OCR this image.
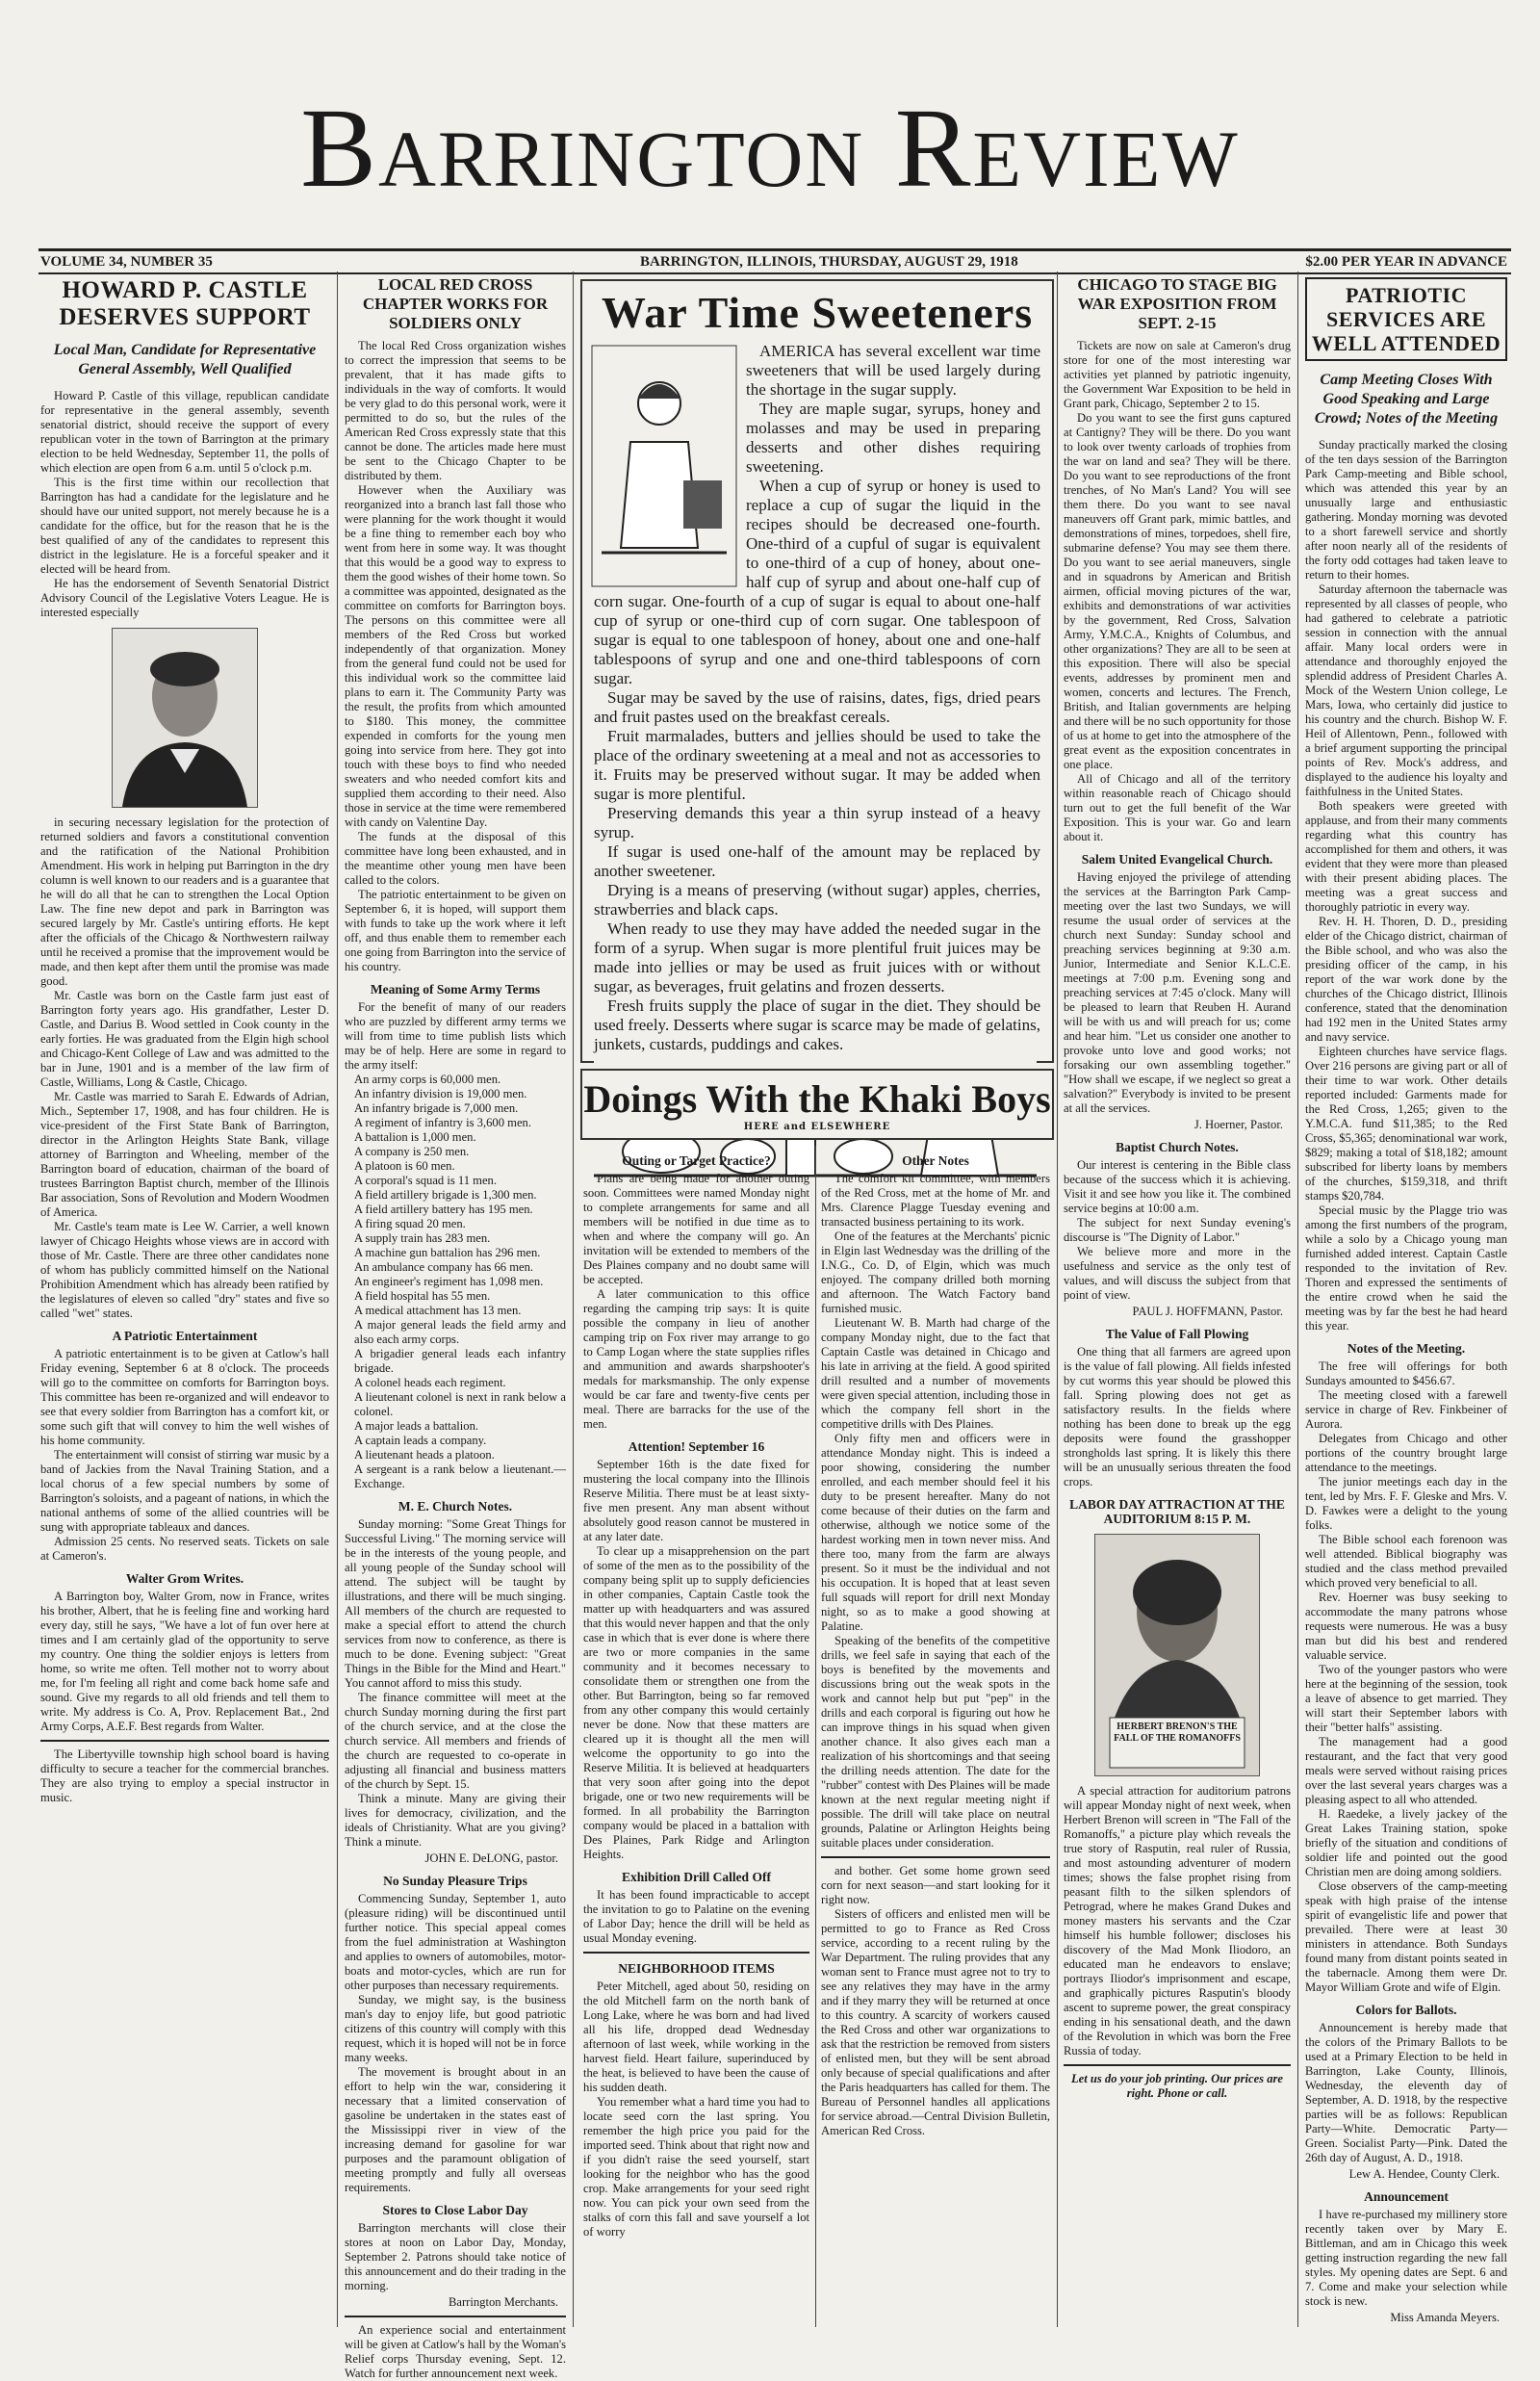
Barrington Review
VOLUME 34, NUMBER 35	BARRINGTON, ILLINOIS, THURSDAY, AUGUST 29, 1918	$2.00 PER YEAR IN ADVANCE
HOWARD P. CASTLE DESERVES SUPPORT
Local Man, Candidate for Representative General Assembly, Well Qualified

Howard P. Castle of this village, republican candidate for representative in the general assembly, seventh senatorial district, should receive the support of every republican voter in the town of Barrington at the primary election to be held Wednesday, September 11, the polls of which election are open from 6 a.m. until 5 o'clock p.m.

This is the first time within our recollection that Barrington has had a candidate for the legislature and he should have our united support, not merely because he is a candidate for the office, but for the reason that he is the best qualified of any of the candidates to represent this district in the legislature. He is a forceful speaker and it elected will be heard from.

He has the endorsement of Seventh Senatorial District Advisory Council of the Legislative Voters League. He is interested especially

in securing necessary legislation for the protection of returned soldiers and favors a constitutional convention and the ratification of the National Prohibition Amendment. His work in helping put Barrington in the dry column is well known to our readers and is a guarantee that he will do all that he can to strengthen the Local Option Law. The fine new depot and park in Barrington was secured largely by Mr. Castle's untiring efforts. He kept after the officials of the Chicago & Northwestern railway until he received a promise that the improvement would be made, and then kept after them until the promise was made good.

Mr. Castle was born on the Castle farm just east of Barrington forty years ago. His grandfather, Lester D. Castle, and Darius B. Wood settled in Cook county in the early forties. He was graduated from the Elgin high school and Chicago-Kent College of Law and was admitted to the bar in June, 1901 and is a member of the law firm of Castle, Williams, Long & Castle, Chicago.

Mr. Castle was married to Sarah E. Edwards of Adrian, Mich., September 17, 1908, and has four children. He is vice-president of the First State Bank of Barrington, director in the Arlington Heights State Bank, village attorney of Barrington and Wheeling, member of the Barrington board of education, chairman of the board of trustees Barrington Baptist church, member of the Illinois Bar association, Sons of Revolution and Modern Woodmen of America.

Mr. Castle's team mate is Lee W. Carrier, a well known lawyer of Chicago Heights whose views are in accord with those of Mr. Castle. There are three other candidates none of whom has publicly committed himself on the National Prohibition Amendment which has already been ratified by the legislatures of eleven so called "dry" states and five so called "wet" states.

A Patriotic Entertainment

A patriotic entertainment is to be given at Catlow's hall Friday evening, September 6 at 8 o'clock. The proceeds will go to the committee on comforts for Barrington boys. This committee has been re-organized and will endeavor to see that every soldier from Barrington has a comfort kit, or some such gift that will convey to him the well wishes of his home community.

The entertainment will consist of stirring war music by a band of Jackies from the Naval Training Station, and a local chorus of a few special numbers by some of Barrington's soloists, and a pageant of nations, in which the national anthems of some of the allied countries will be sung with appropriate tableaux and dances.

Admission 25 cents. No reserved seats. Tickets on sale at Cameron's.

Walter Grom Writes.

A Barrington boy, Walter Grom, now in France, writes his brother, Albert, that he is feeling fine and working hard every day, still he says, "We have a lot of fun over here at times and I am certainly glad of the opportunity to serve my country. One thing the soldier enjoys is letters from home, so write me often. Tell mother not to worry about me, for I'm feeling all right and come back home safe and sound. Give my regards to all old friends and tell them to write. My address is Co. A, Prov. Replacement Bat., 2nd Army Corps, A.E.F. Best regards from Walter.

The Libertyville township high school board is having difficulty to secure a teacher for the commercial branches. They are also trying to employ a special instructor in music.

LOCAL RED CROSS CHAPTER WORKS FOR SOLDIERS ONLY

The local Red Cross organization wishes to correct the impression that seems to be prevalent, that it has made gifts to individuals in the way of comforts. It would be very glad to do this personal work, were it permitted to do so, but the rules of the American Red Cross expressly state that this cannot be done. The articles made here must be sent to the Chicago Chapter to be distributed by them.

However when the Auxiliary was reorganized into a branch last fall those who were planning for the work thought it would be a fine thing to remember each boy who went from here in some way. It was thought that this would be a good way to express to them the good wishes of their home town. So a committee was appointed, designated as the committee on comforts for Barrington boys. The persons on this committee were all members of the Red Cross but worked independently of that organization. Money from the general fund could not be used for this individual work so the committee laid plans to earn it. The Community Party was the result, the profits from which amounted to $180. This money, the committee expended in comforts for the young men going into service from here. They got into touch with these boys to find who needed sweaters and who needed comfort kits and supplied them according to their need. Also those in service at the time were remembered with candy on Valentine Day.

The funds at the disposal of this committee have long been exhausted, and in the meantime other young men have been called to the colors.

The patriotic entertainment to be given on September 6, it is hoped, will support them with funds to take up the work where it left off, and thus enable them to remember each one going from Barrington into the service of his country.

Meaning of Some Army Terms

For the benefit of many of our readers who are puzzled by different army terms we will from time to time publish lists which may be of help. Here are some in regard to the army itself:

An army corps is 60,000 men.
An infantry division is 19,000 men.
An infantry brigade is 7,000 men.
A regiment of infantry is 3,600 men.
A battalion is 1,000 men.
A company is 250 men.
A platoon is 60 men.
A corporal's squad is 11 men.
A field artillery brigade is 1,300 men.
A field artillery battery has 195 men.
A firing squad 20 men.
A supply train has 283 men.
A machine gun battalion has 296 men.
An ambulance company has 66 men.
An engineer's regiment has 1,098 men.
A field hospital has 55 men.
A medical attachment has 13 men.
A major general leads the field army and also each army corps.
A brigadier general leads each infantry brigade.
A colonel heads each regiment.
A lieutenant colonel is next in rank below a colonel.
A major leads a battalion.
A captain leads a company.
A lieutenant heads a platoon.
A sergeant is a rank below a lieutenant.—Exchange.
M. E. Church Notes.

Sunday morning: "Some Great Things for Successful Living." The morning service will be in the interests of the young people, and all young people of the Sunday school will attend. The subject will be taught by illustrations, and there will be much singing. All members of the church are requested to make a special effort to attend the church services from now to conference, as there is much to be done. Evening subject: "Great Things in the Bible for the Mind and Heart." You cannot afford to miss this study.

The finance committee will meet at the church Sunday morning during the first part of the church service, and at the close the church service. All members and friends of the church are requested to co-operate in adjusting all financial and business matters of the church by Sept. 15.

Think a minute. Many are giving their lives for democracy, civilization, and the ideals of Christianity. What are you giving? Think a minute.

JOHN E. DeLONG, pastor.
No Sunday Pleasure Trips

Commencing Sunday, September 1, auto (pleasure riding) will be discontinued until further notice. This special appeal comes from the fuel administration at Washington and applies to owners of automobiles, motor-boats and motor-cycles, which are run for other purposes than necessary requirements.

Sunday, we might say, is the business man's day to enjoy life, but good patriotic citizens of this country will comply with this request, which it is hoped will not be in force many weeks.

The movement is brought about in an effort to help win the war, considering it necessary that a limited conservation of gasoline be undertaken in the states east of the Mississippi river in view of the increasing demand for gasoline for war purposes and the paramount obligation of meeting promptly and fully all overseas requirements.

Stores to Close Labor Day

Barrington merchants will close their stores at noon on Labor Day, Monday, September 2. Patrons should take notice of this announcement and do their trading in the morning.

Barrington Merchants.

An experience social and entertainment will be given at Catlow's hall by the Woman's Relief corps Thursday evening, Sept. 12. Watch for further announcement next week.

War Time Sweeteners

AMERICA has several excellent war time sweeteners that will be used largely during the shortage in the sugar supply.

They are maple sugar, syrups, honey and molasses and may be used in preparing desserts and other dishes requiring sweetening.

When a cup of syrup or honey is used to replace a cup of sugar the liquid in the recipes should be decreased one-fourth. One-third of a cupful of sugar is equivalent to one-third of a cup of honey, about one-half cup of syrup and about one-half cup of corn sugar. One-fourth of a cup of sugar is equal to about one-half cup of syrup or one-third cup of corn sugar. One tablespoon of sugar is equal to one tablespoon of honey, about one and one-half tablespoons of syrup and one and one-third tablespoons of corn sugar.

Sugar may be saved by the use of raisins, dates, figs, dried pears and fruit pastes used on the breakfast cereals.

Fruit marmalades, butters and jellies should be used to take the place of the ordinary sweetening at a meal and not as accessories to it. Fruits may be preserved without sugar. It may be added when sugar is more plentiful.

Preserving demands this year a thin syrup instead of a heavy syrup.

If sugar is used one-half of the amount may be replaced by another sweetener.

Drying is a means of preserving (without sugar) apples, cherries, strawberries and black caps.

When ready to use they may have added the needed sugar in the form of a syrup. When sugar is more plentiful fruit juices may be made into jellies or may be used as fruit juices with or without sugar, as beverages, fruit gelatins and frozen desserts.

Fresh fruits supply the place of sugar in the diet. They should be used freely. Desserts where sugar is scarce may be made of gelatins, junkets, custards, puddings and cakes.

Doings With the Khaki Boys
HERE and ELSEWHERE
Outing or Target Practice?

Plans are being made for another outing soon. Committees were named Monday night to complete arrangements for same and all members will be notified in due time as to when and where the company will go. An invitation will be extended to members of the Des Plaines company and no doubt same will be accepted.

A later communication to this office regarding the camping trip says: It is quite possible the company in lieu of another camping trip on Fox river may arrange to go to Camp Logan where the state supplies rifles and ammunition and awards sharpshooter's medals for marksmanship. The only expense would be car fare and twenty-five cents per meal. There are barracks for the use of the men.

Attention! September 16

September 16th is the date fixed for mustering the local company into the Illinois Reserve Militia. There must be at least sixty-five men present. Any man absent without absolutely good reason cannot be mustered in at any later date.

To clear up a misapprehension on the part of some of the men as to the possibility of the company being split up to supply deficiencies in other companies, Captain Castle took the matter up with headquarters and was assured that this would never happen and that the only case in which that is ever done is where there are two or more companies in the same community and it becomes necessary to consolidate them or strengthen one from the other. But Barrington, being so far removed from any other company this would certainly never be done. Now that these matters are cleared up it is thought all the men will welcome the opportunity to go into the Reserve Militia. It is believed at headquarters that very soon after going into the depot brigade, one or two new requirements will be formed. In all probability the Barrington company would be placed in a battalion with Des Plaines, Park Ridge and Arlington Heights.

Exhibition Drill Called Off

It has been found impracticable to accept the invitation to go to Palatine on the evening of Labor Day; hence the drill will be held as usual Monday evening.

NEIGHBORHOOD ITEMS

Peter Mitchell, aged about 50, residing on the old Mitchell farm on the north bank of Long Lake, where he was born and had lived all his life, dropped dead Wednesday afternoon of last week, while working in the harvest field. Heart failure, superinduced by the heat, is believed to have been the cause of his sudden death.

You remember what a hard time you had to locate seed corn the last spring. You remember the high price you paid for the imported seed. Think about that right now and if you didn't raise the seed yourself, start looking for the neighbor who has the good crop. Make arrangements for your seed right now. You can pick your own seed from the stalks of corn this fall and save yourself a lot of worry

Other Notes

The comfort kit committee, with members of the Red Cross, met at the home of Mr. and Mrs. Clarence Plagge Tuesday evening and transacted business pertaining to its work.

One of the features at the Merchants' picnic in Elgin last Wednesday was the drilling of the I.N.G., Co. D, of Elgin, which was much enjoyed. The company drilled both morning and afternoon. The Watch Factory band furnished music.

Lieutenant W. B. Marth had charge of the company Monday night, due to the fact that Captain Castle was detained in Chicago and his late in arriving at the field. A good spirited drill resulted and a number of movements were given special attention, including those in which the company fell short in the competitive drills with Des Plaines.

Only fifty men and officers were in attendance Monday night. This is indeed a poor showing, considering the number enrolled, and each member should feel it his duty to be present hereafter. Many do not come because of their duties on the farm and otherwise, although we notice some of the hardest working men in town never miss. And there too, many from the farm are always present. So it must be the individual and not his occupation. It is hoped that at least seven full squads will report for drill next Monday night, so as to make a good showing at Palatine.

Speaking of the benefits of the competitive drills, we feel safe in saying that each of the boys is benefited by the movements and discussions bring out the weak spots in the work and cannot help but put "pep" in the drills and each corporal is figuring out how he can improve things in his squad when given another chance. It also gives each man a realization of his shortcomings and that seeing the drilling needs attention. The date for the "rubber" contest with Des Plaines will be made known at the next regular meeting night if possible. The drill will take place on neutral grounds, Palatine or Arlington Heights being suitable places under consideration.

and bother. Get some home grown seed corn for next season—and start looking for it right now.

Sisters of officers and enlisted men will be permitted to go to France as Red Cross service, according to a recent ruling by the War Department. The ruling provides that any woman sent to France must agree not to try to see any relatives they may have in the army and if they marry they will be returned at once to this country. A scarcity of workers caused the Red Cross and other war organizations to ask that the restriction be removed from sisters of enlisted men, but they will be sent abroad only because of special qualifications and after the Paris headquarters has called for them. The Bureau of Personnel handles all applications for service abroad.—Central Division Bulletin, American Red Cross.

CHICAGO TO STAGE BIG WAR EXPOSITION FROM SEPT. 2-15

Tickets are now on sale at Cameron's drug store for one of the most interesting war activities yet planned by patriotic ingenuity, the Government War Exposition to be held in Grant park, Chicago, September 2 to 15.

Do you want to see the first guns captured at Cantigny? They will be there. Do you want to look over twenty carloads of trophies from the war on land and sea? They will be there. Do you want to see reproductions of the front trenches, of No Man's Land? You will see them there. Do you want to see naval maneuvers off Grant park, mimic battles, and demonstrations of mines, torpedoes, shell fire, submarine defense? You may see them there. Do you want to see aerial maneuvers, single and in squadrons by American and British airmen, official moving pictures of the war, exhibits and demonstrations of war activities by the government, Red Cross, Salvation Army, Y.M.C.A., Knights of Columbus, and other organizations? They are all to be seen at this exposition. There will also be special events, addresses by prominent men and women, concerts and lectures. The French, British, and Italian governments are helping and there will be no such opportunity for those of us at home to get into the atmosphere of the great event as the exposition concentrates in one place.

All of Chicago and all of the territory within reasonable reach of Chicago should turn out to get the full benefit of the War Exposition. This is your war. Go and learn about it.

Salem United Evangelical Church.

Having enjoyed the privilege of attending the services at the Barrington Park Camp-meeting over the last two Sundays, we will resume the usual order of services at the church next Sunday: Sunday school and preaching services beginning at 9:30 a.m. Junior, Intermediate and Senior K.L.C.E. meetings at 7:00 p.m. Evening song and preaching services at 7:45 o'clock. Many will be pleased to learn that Reuben H. Aurand will be with us and will preach for us; come and hear him. "Let us consider one another to provoke unto love and good works; not forsaking our own assembling together." "How shall we escape, if we neglect so great a salvation?" Everybody is invited to be present at all the services.

J. Hoerner, Pastor.
Baptist Church Notes.

Our interest is centering in the Bible class because of the success which it is achieving. Visit it and see how you like it. The combined service begins at 10:00 a.m.

The subject for next Sunday evening's discourse is "The Dignity of Labor."

We believe more and more in the usefulness and service as the only test of values, and will discuss the subject from that point of view.

PAUL J. HOFFMANN, Pastor.
The Value of Fall Plowing

One thing that all farmers are agreed upon is the value of fall plowing. All fields infested by cut worms this year should be plowed this fall. Spring plowing does not get as satisfactory results. In the fields where nothing has been done to break up the egg deposits were found the grasshopper strongholds last spring. It is likely this there will be an unusually serious threaten the food crops.

LABOR DAY ATTRACTION AT THE AUDITORIUM 8:15 P. M.
HERBERT BRENON'S THE FALL OF THE ROMANOFFS

A special attraction for auditorium patrons will appear Monday night of next week, when Herbert Brenon will screen in "The Fall of the Romanoffs," a picture play which reveals the true story of Rasputin, real ruler of Russia, and most astounding adventurer of modern times; shows the false prophet rising from peasant filth to the silken splendors of Petrograd, where he makes Grand Dukes and money masters his servants and the Czar himself his humble follower; discloses his discovery of the Mad Monk Iliodoro, an educated man he endeavors to enslave; portrays Iliodor's imprisonment and escape, and graphically pictures Rasputin's bloody ascent to supreme power, the great conspiracy ending in his sensational death, and the dawn of the Revolution in which was born the Free Russia of today.

Let us do your job printing. Our prices are right. Phone or call.
PATRIOTIC SERVICES ARE WELL ATTENDED
Camp Meeting Closes With Good Speaking and Large Crowd; Notes of the Meeting

Sunday practically marked the closing of the ten days session of the Barrington Park Camp-meeting and Bible school, which was attended this year by an unusually large and enthusiastic gathering. Monday morning was devoted to a short farewell service and shortly after noon nearly all of the residents of the forty odd cottages had taken leave to return to their homes.

Saturday afternoon the tabernacle was represented by all classes of people, who had gathered to celebrate a patriotic session in connection with the annual affair. Many local orders were in attendance and thoroughly enjoyed the splendid address of President Charles A. Mock of the Western Union college, Le Mars, Iowa, who certainly did justice to his country and the church. Bishop W. F. Heil of Allentown, Penn., followed with a brief argument supporting the principal points of Rev. Mock's address, and displayed to the audience his loyalty and faithfulness in the United States.

Both speakers were greeted with applause, and from their many comments regarding what this country has accomplished for them and others, it was evident that they were more than pleased with their present abiding places. The meeting was a great success and thoroughly patriotic in every way.

Rev. H. H. Thoren, D. D., presiding elder of the Chicago district, chairman of the Bible school, and who was also the presiding officer of the camp, in his report of the war work done by the churches of the Chicago district, Illinois conference, stated that the denomination had 192 men in the United States army and navy service.

Eighteen churches have service flags. Over 216 persons are giving part or all of their time to war work. Other details reported included: Garments made for the Red Cross, 1,265; given to the Y.M.C.A. fund $11,385; to the Red Cross, $5,365; denominational war work, $829; making a total of $18,182; amount subscribed for liberty loans by members of the churches, $159,318, and thrift stamps $20,784.

Special music by the Plagge trio was among the first numbers of the program, while a solo by a Chicago young man furnished added interest. Captain Castle responded to the invitation of Rev. Thoren and expressed the sentiments of the entire crowd when he said the meeting was by far the best he had heard this year.

Notes of the Meeting.

The free will offerings for both Sundays amounted to $456.67.

The meeting closed with a farewell service in charge of Rev. Finkbeiner of Aurora.

Delegates from Chicago and other portions of the country brought large attendance to the meetings.

The junior meetings each day in the tent, led by Mrs. F. F. Gleske and Mrs. V. D. Fawkes were a delight to the young folks.

The Bible school each forenoon was well attended. Biblical biography was studied and the class method prevailed which proved very beneficial to all.

Rev. Hoerner was busy seeking to accommodate the many patrons whose requests were numerous. He was a busy man but did his best and rendered valuable service.

Two of the younger pastors who were here at the beginning of the session, took a leave of absence to get married. They will start their September labors with their "better halfs" assisting.

The management had a good restaurant, and the fact that very good meals were served without raising prices over the last several years charges was a pleasing aspect to all who attended.

H. Raedeke, a lively jackey of the Great Lakes Training station, spoke briefly of the situation and conditions of soldier life and pointed out the good Christian men are doing among soldiers.

Close observers of the camp-meeting speak with high praise of the intense spirit of evangelistic life and power that prevailed. There were at least 30 ministers in attendance. Both Sundays found many from distant points seated in the tabernacle. Among them were Dr. Mayor William Grote and wife of Elgin.

Colors for Ballots.

Announcement is hereby made that the colors of the Primary Ballots to be used at a Primary Election to be held in Barrington, Lake County, Illinois, Wednesday, the eleventh day of September, A. D. 1918, by the respective parties will be as follows: Republican Party—White. Democratic Party—Green. Socialist Party—Pink. Dated the 26th day of August, A. D., 1918.

Lew A. Hendee, County Clerk.
Announcement

I have re-purchased my millinery store recently taken over by Mary E. Bittleman, and am in Chicago this week getting instruction regarding the new fall styles. My opening dates are Sept. 6 and 7. Come and make your selection while stock is new.

Miss Amanda Meyers.
